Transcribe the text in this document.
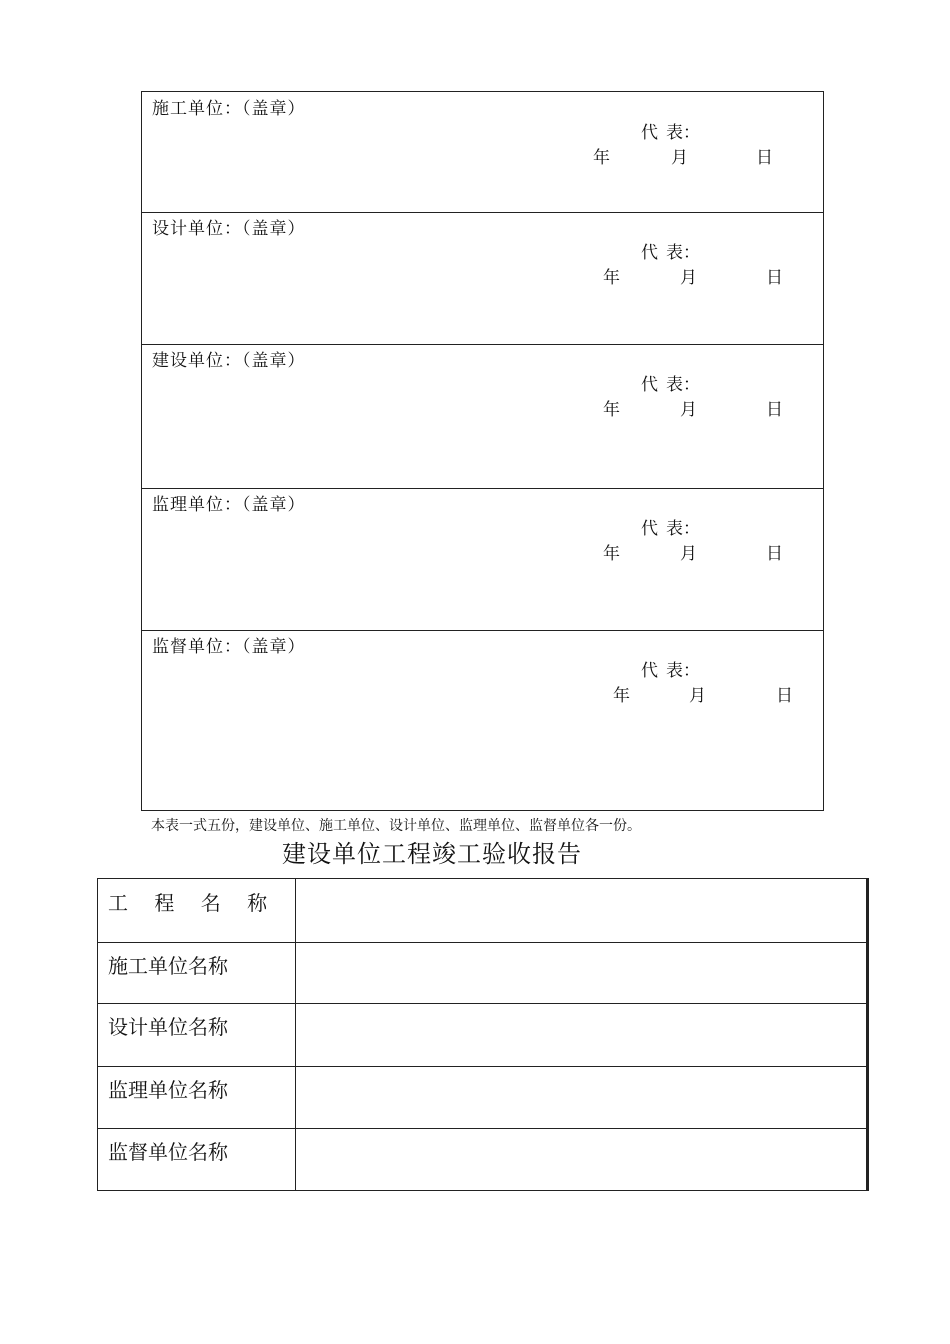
施工单位：（盖章）
代 表：
年	月	日
设计单位：（盖章）
代 表：
年	月	日
建设单位：（盖章）
代 表：
年	月	日
监理单位：（盖章）
代 表：
年	月	日
监督单位：（盖章）
代 表：
年	月	日
本表一式五份，建设单位、施工单位、设计单位、监理单位、监督单位各一份。
建设单位工程竣工验收报告
工 程 名 称
施工单位名称
设计单位名称
监理单位名称
监督单位名称
